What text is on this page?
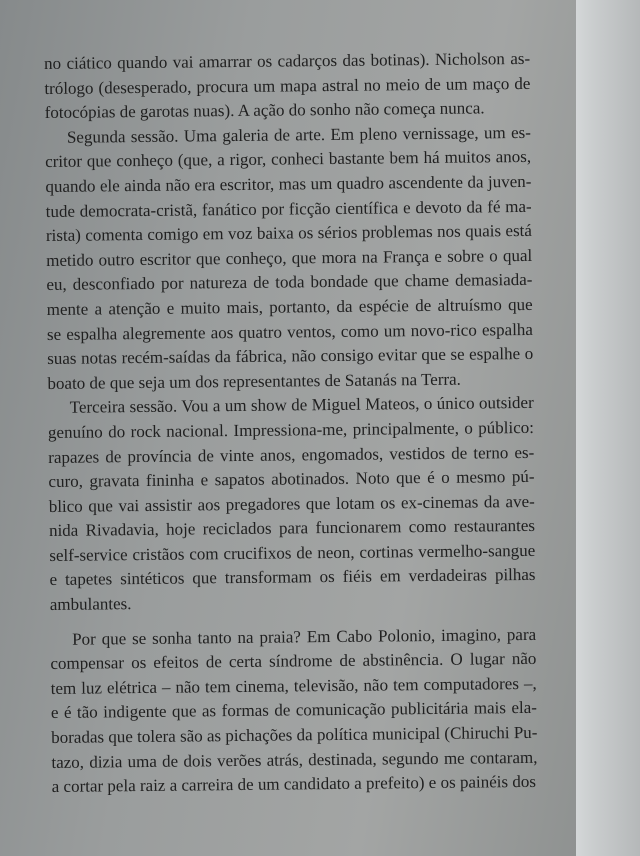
no ciático quando vai amarrar os cadarços das botinas). Nicholson as-
trólogo (desesperado, procura um mapa astral no meio de um maço de
fotocópias de garotas nuas). A ação do sonho não começa nunca.
Segunda sessão. Uma galeria de arte. Em pleno vernissage, um es-
critor que conheço (que, a rigor, conheci bastante bem há muitos anos,
quando ele ainda não era escritor, mas um quadro ascendente da juven-
tude democrata-cristã, fanático por ficção científica e devoto da fé ma-
rista) comenta comigo em voz baixa os sérios problemas nos quais está
metido outro escritor que conheço, que mora na França e sobre o qual
eu, desconfiado por natureza de toda bondade que chame demasiada-
mente a atenção e muito mais, portanto, da espécie de altruísmo que
se espalha alegremente aos quatro ventos, como um novo-rico espalha
suas notas recém-saídas da fábrica, não consigo evitar que se espalhe o
boato de que seja um dos representantes de Satanás na Terra.
Terceira sessão. Vou a um show de Miguel Mateos, o único outsider
genuíno do rock nacional. Impressiona-me, principalmente, o público:
rapazes de província de vinte anos, engomados, vestidos de terno es-
curo, gravata fininha e sapatos abotinados. Noto que é o mesmo pú-
blico que vai assistir aos pregadores que lotam os ex-cinemas da ave-
nida Rivadavia, hoje reciclados para funcionarem como restaurantes
self-service cristãos com crucifixos de neon, cortinas vermelho-sangue
e tapetes sintéticos que transformam os fiéis em verdadeiras pilhas
ambulantes.
Por que se sonha tanto na praia? Em Cabo Polonio, imagino, para
compensar os efeitos de certa síndrome de abstinência. O lugar não
tem luz elétrica – não tem cinema, televisão, não tem computadores –,
e é tão indigente que as formas de comunicação publicitária mais ela-
boradas que tolera são as pichações da política municipal (Chiruchi Pu-
tazo, dizia uma de dois verões atrás, destinada, segundo me contaram,
a cortar pela raiz a carreira de um candidato a prefeito) e os painéis dos
